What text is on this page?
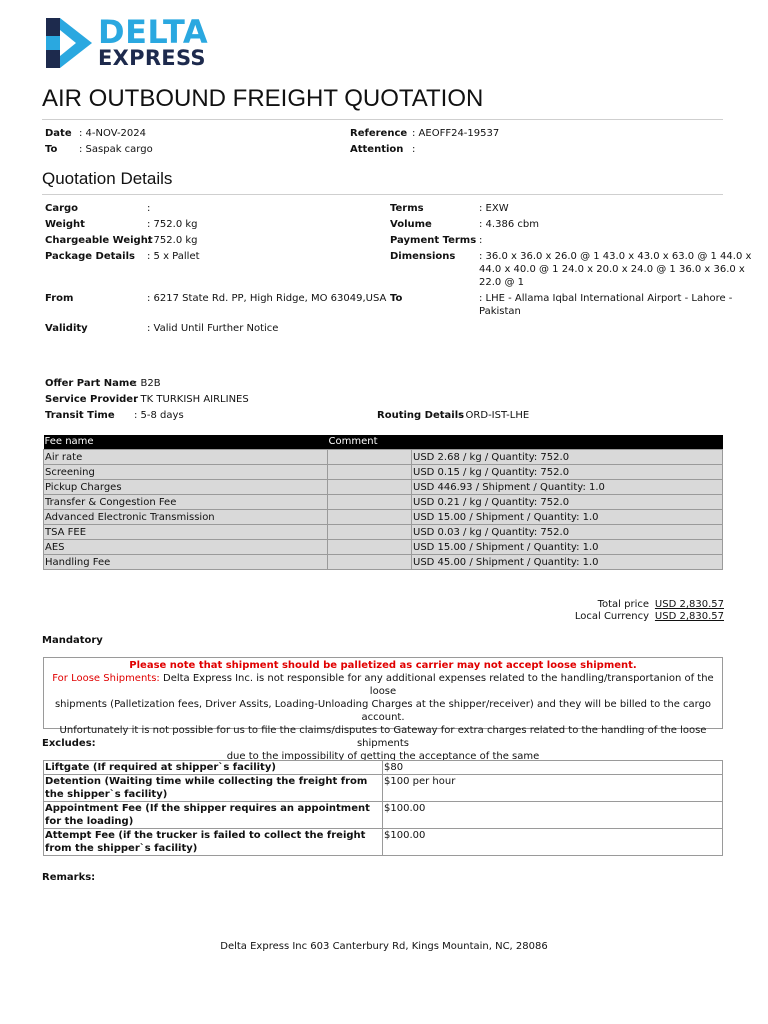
DELTA
EXPRESS
AIR OUTBOUND FREIGHT QUOTATION
Date : 4-NOV-2024
To : Saspak cargo
Reference : AEOFF24-19537
Attention :
Quotation Details
Cargo	:
Weight	: 752.0 kg
Chargeable Weight
: 752.0 kg
Package Details : 5 x Pallet
From	: 6217 State Rd. PP, High Ridge, MO 63049,USA
Validity	: Valid Until Further Notice
Terms	: EXW
Volume	: 4.386 cbm
Payment Terms :
Dimensions : 36.0 x 36.0 x 26.0 @ 1 43.0 x 43.0 x 63.0 @ 1 44.0 x
44.0 x 40.0 @ 1 24.0 x 20.0 x 24.0 @ 1 36.0 x 36.0 x
22.0 @ 1
To	: LHE - Allama Iqbal International Airport - Lahore -
Pakistan
Offer Part Name
: B2B
Service Provider
: TK TURKISH AIRLINES
Transit Time : 5-8 days	Routing Details
: ORD-IST-LHE
Fee name	Comment	
Air rate		USD 2.68 / kg / Quantity: 752.0
Screening		USD 0.15 / kg / Quantity: 752.0
Pickup Charges		USD 446.93 / Shipment / Quantity: 1.0
Transfer & Congestion Fee		USD 0.21 / kg / Quantity: 752.0
Advanced Electronic Transmission		USD 15.00 / Shipment / Quantity: 1.0
TSA FEE		USD 0.03 / kg / Quantity: 752.0
AES		USD 15.00 / Shipment / Quantity: 1.0
Handling Fee		USD 45.00 / Shipment / Quantity: 1.0
Total price USD 2,830.57
Local Currency USD 2,830.57
Mandatory
Please note that shipment should be palletized as carrier may not accept loose shipment.
For Loose Shipments: Delta Express Inc. is not responsible for any additional expenses related to the handling/transportanion of the loose
shipments (Palletization fees, Driver Assits, Loading-Unloading Charges at the shipper/receiver) and they will be billed to the cargo account.
Unfortunately it is not possible for us to file the claims/disputes to Gateway for extra charges related to the handling of the loose shipments
due to the impossibility of getting the acceptance of the same
Excludes:
Liftgate (If required at shipper`s facility)	$80
Detention (Waiting time while collecting the freight from the shipper`s facility)	$100 per hour
Appointment Fee (If the shipper requires an appointment for the loading)	$100.00
Attempt Fee (if the trucker is failed to collect the freight from the shipper`s facility)	$100.00
Remarks:
Delta Express Inc 603 Canterbury Rd, Kings Mountain, NC, 28086
